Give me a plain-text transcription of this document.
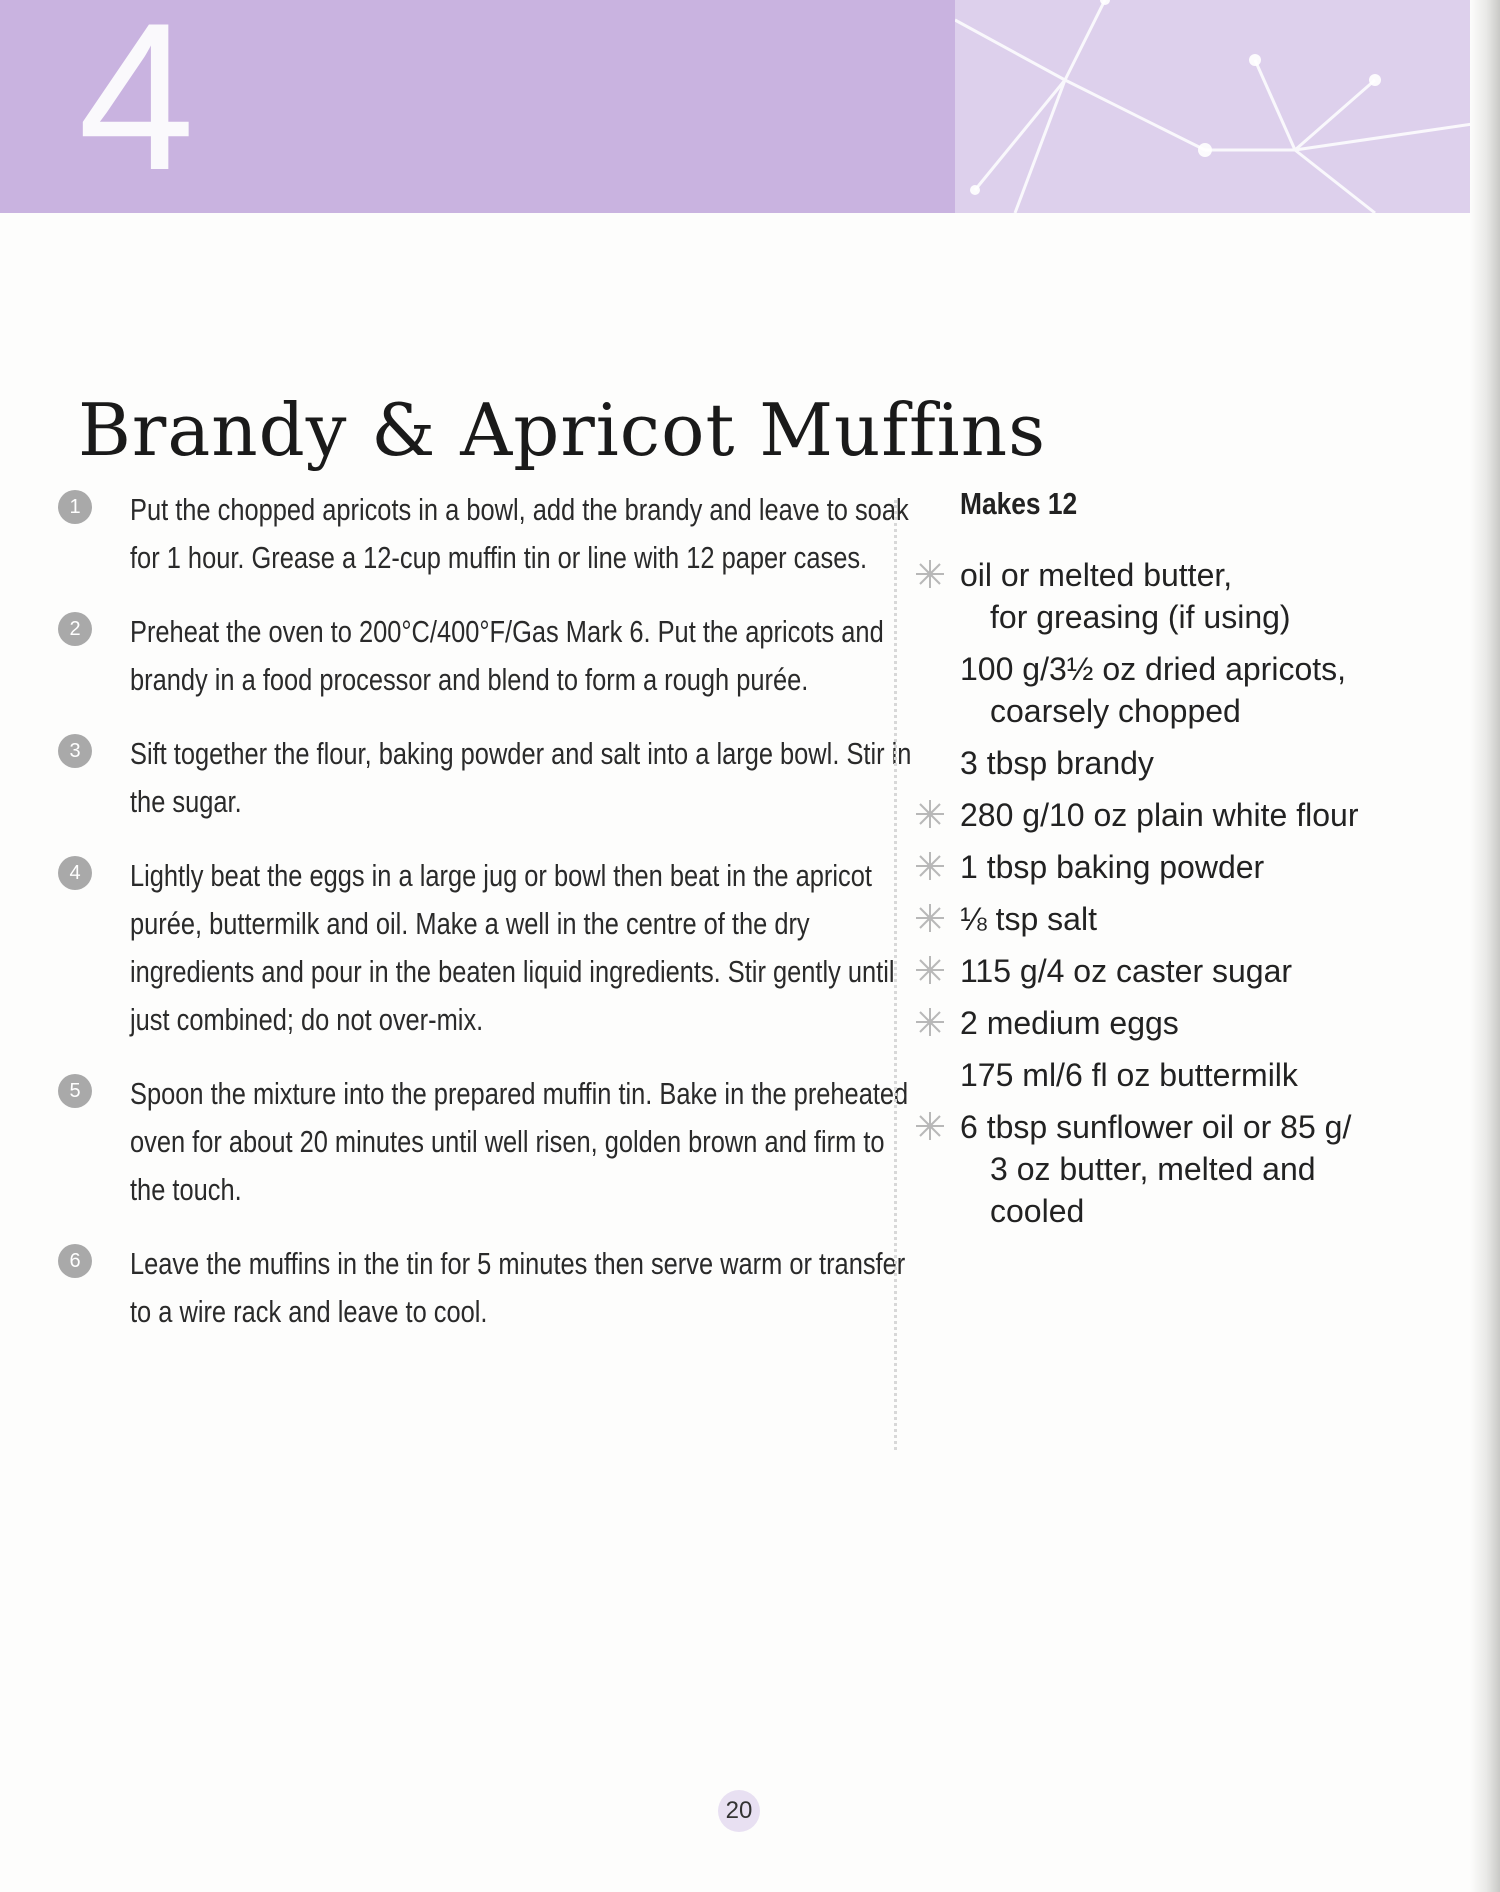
4
Brandy & Apricot Muffins
1	Put the chopped apricots in a bowl, add the brandy and leave to soak for 1 hour. Grease a 12-cup muffin tin or line with 12 paper cases.
2	Preheat the oven to 200°C/400°F/Gas Mark 6. Put the apricots and brandy in a food processor and blend to form a rough purée.
3	Sift together the flour, baking powder and salt into a large bowl. Stir in the sugar.
4	Lightly beat the eggs in a large jug or bowl then beat in the apricot purée, buttermilk and oil. Make a well in the centre of the dry ingredients and pour in the beaten liquid ingredients. Stir gently until just combined; do not over-mix.
5	Spoon the mixture into the prepared muffin tin. Bake in the preheated oven for about 20 minutes until well risen, golden brown and firm to the touch.
6	Leave the muffins in the tin for 5 minutes then serve warm or transfer to a wire rack and leave to cool.
Makes 12
oil or melted butter,
for greasing (if using)
100 g/3½ oz dried apricots,
coarsely chopped
3 tbsp brandy
280 g/10 oz plain white flour
1 tbsp baking powder
⅛ tsp salt
115 g/4 oz caster sugar
2 medium eggs
175 ml/6 fl oz buttermilk
6 tbsp sunflower oil or 85 g/
3 oz butter, melted and cooled
20
